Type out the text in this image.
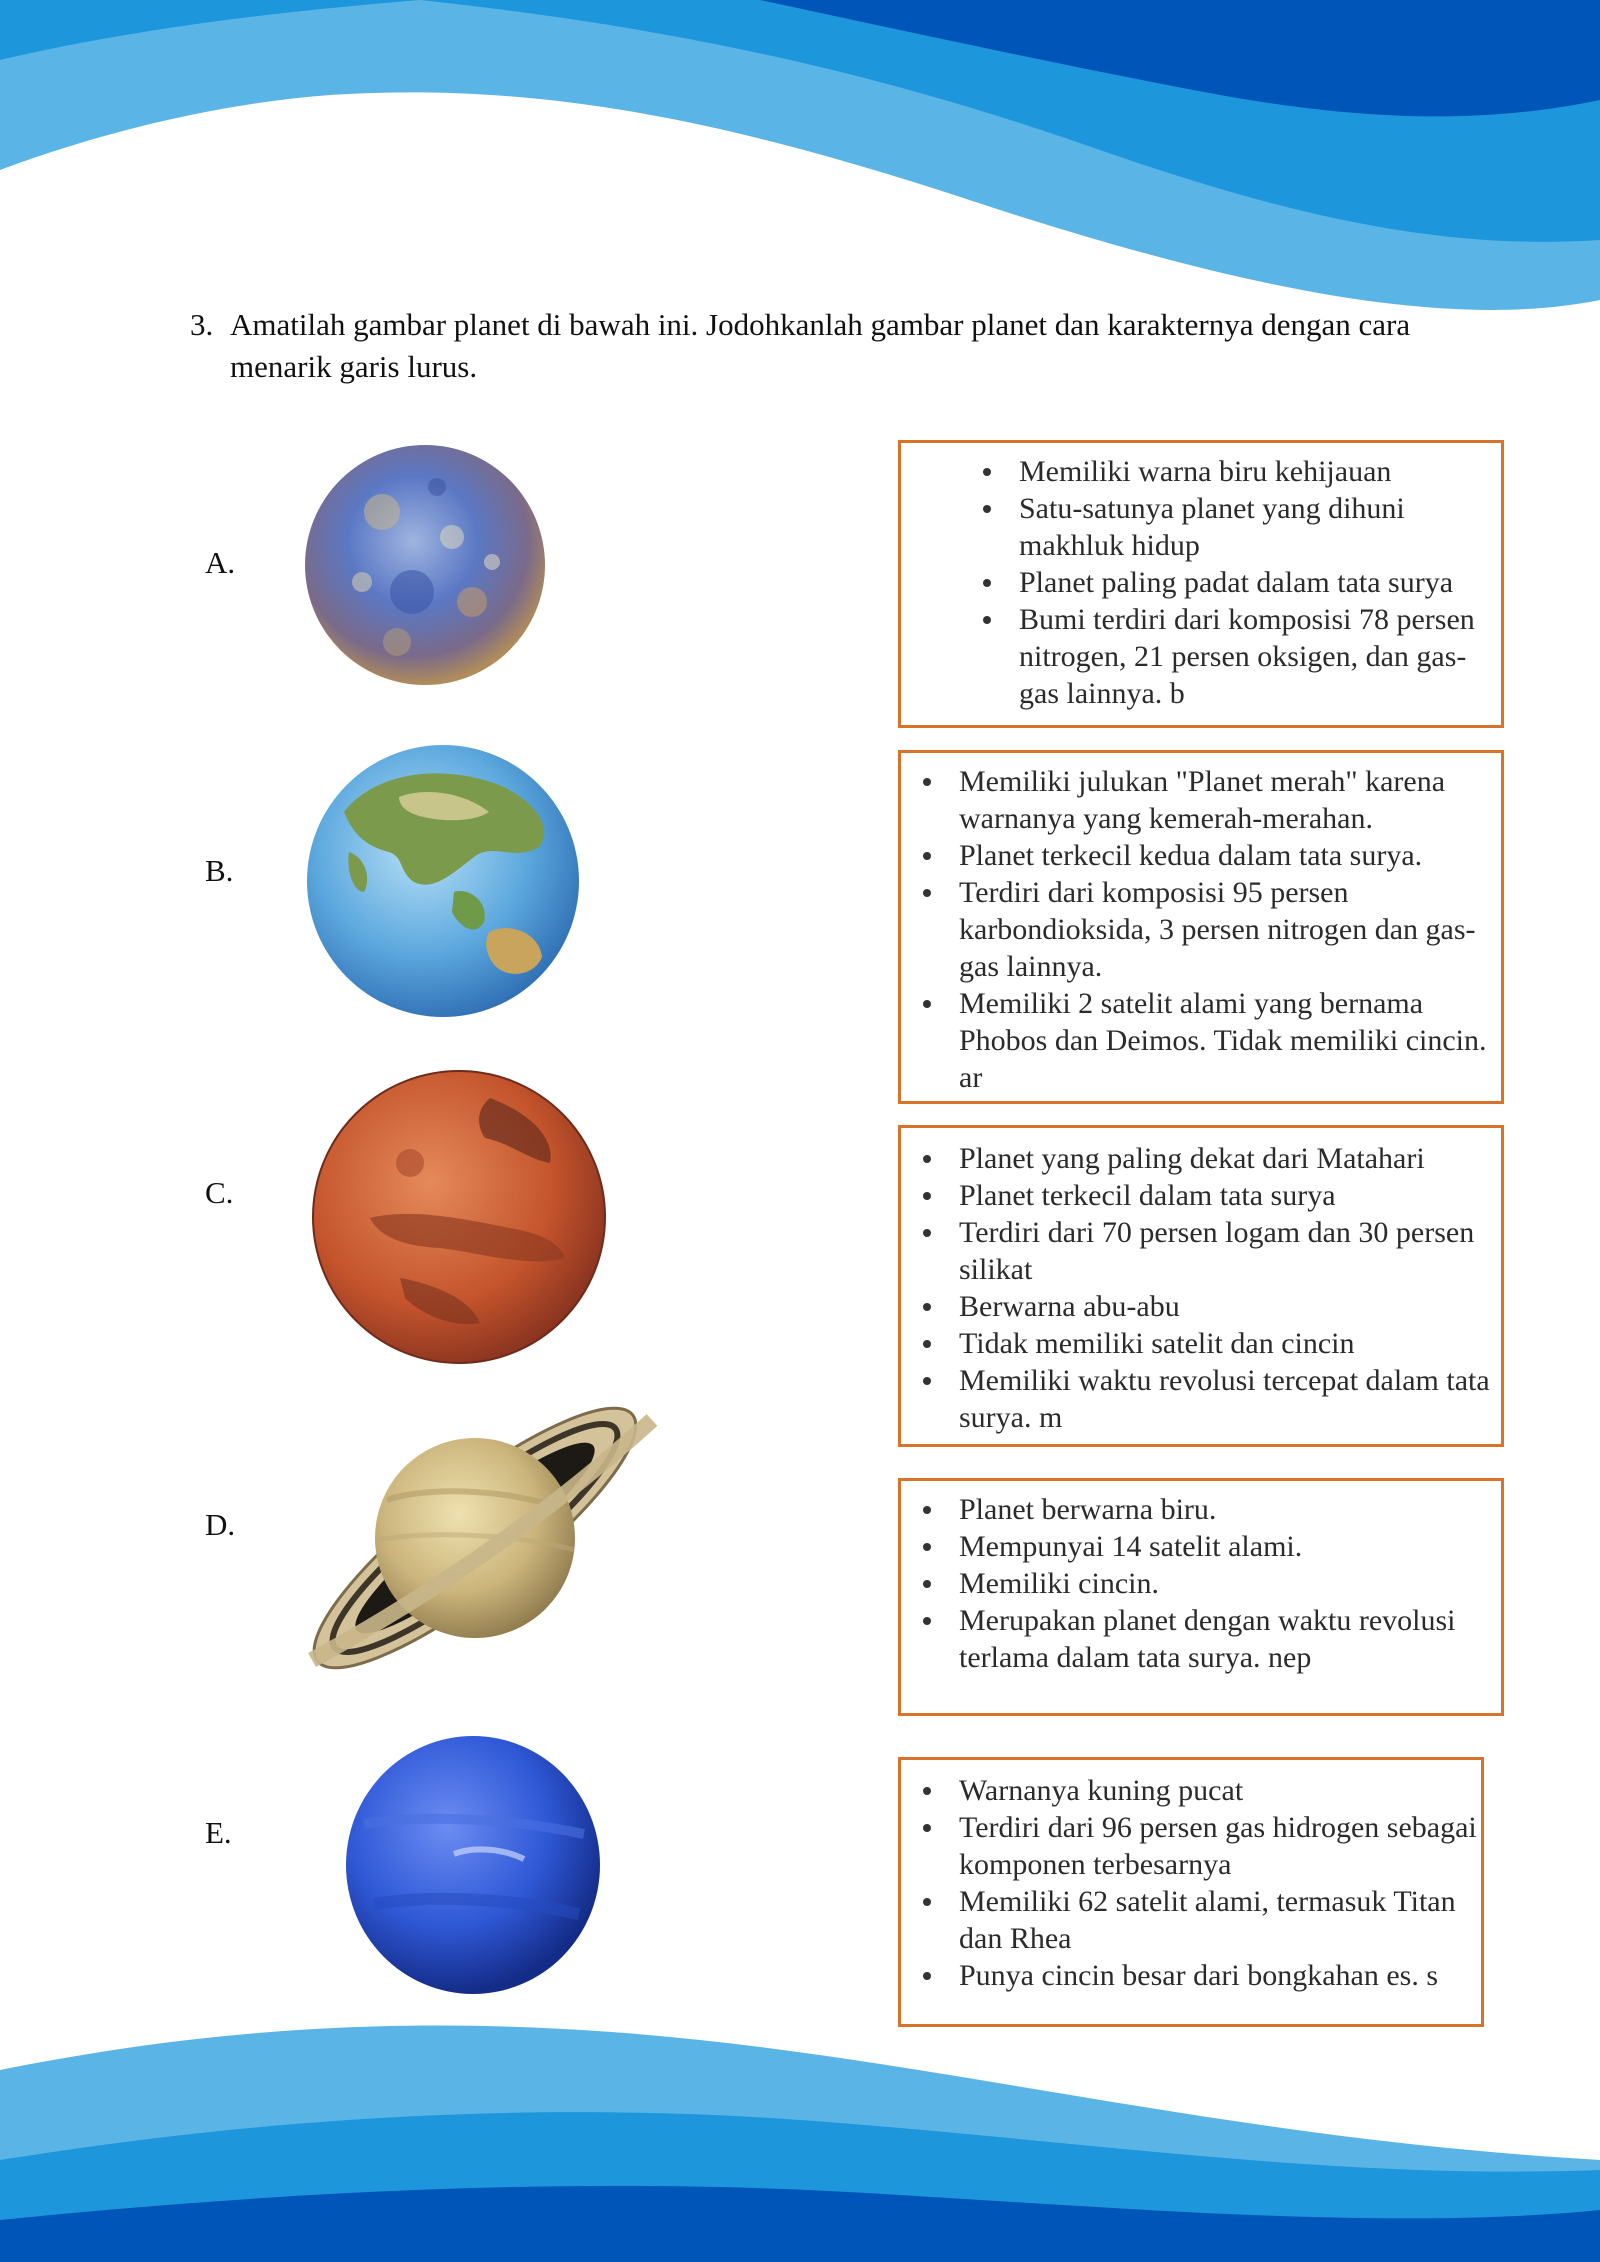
3. Amatilah gambar planet di bawah ini. Jodohkanlah gambar planet dan karakternya dengan cara menarik garis lurus.
A.
B.
C.
D.
E.
Memiliki warna biru kehijauan
Satu-satunya planet yang dihuni makhluk hidup
Planet paling padat dalam tata surya
Bumi terdiri dari komposisi 78 persen nitrogen, 21 persen oksigen, dan gas-gas lainnya. b
Memiliki julukan "Planet merah" karena warnanya yang kemerah-merahan.
Planet terkecil kedua dalam tata surya.
Terdiri dari komposisi 95 persen karbondioksida, 3 persen nitrogen dan gas-gas lainnya.
Memiliki 2 satelit alami yang bernama Phobos dan Deimos. Tidak memiliki cincin. ar
Planet yang paling dekat dari Matahari
Planet terkecil dalam tata surya
Terdiri dari 70 persen logam dan 30 persen silikat
Berwarna abu-abu
Tidak memiliki satelit dan cincin
Memiliki waktu revolusi tercepat dalam tata surya. m
Planet berwarna biru.
Mempunyai 14 satelit alami.
Memiliki cincin.
Merupakan planet dengan waktu revolusi terlama dalam tata surya. nep
Warnanya kuning pucat
Terdiri dari 96 persen gas hidrogen sebagai komponen terbesarnya
Memiliki 62 satelit alami, termasuk Titan dan Rhea
Punya cincin besar dari bongkahan es. s
